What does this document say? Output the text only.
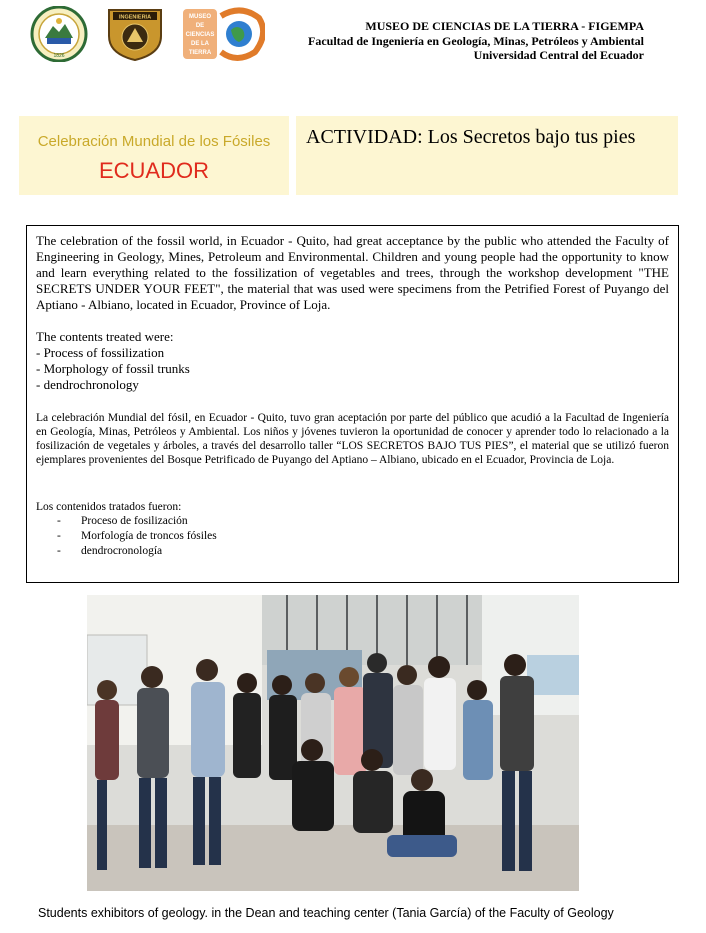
1826
INGENIERIA	MUSEO
DE
CIENCIAS
DE LA
TIERRA
MUSEO DE CIENCIAS DE LA TIERRA - FIGEMPA
Facultad de Ingeniería en Geología, Minas, Petróleos y Ambiental
Universidad Central del Ecuador
Celebración Mundial de los Fósiles
ECUADOR
ACTIVIDAD: Los Secretos bajo tus pies
The celebration of the fossil world, in Ecuador - Quito, had great acceptance by the public who attended the Faculty of Engineering in Geology, Mines, Petroleum and Environmental. Children and young people had the opportunity to know and learn everything related to the fossilization of vegetables and trees, through the workshop development "THE SECRETS UNDER YOUR FEET", the material that was used were specimens from the Petrified Forest of Puyango del Aptiano - Albiano, located in Ecuador, Province of Loja.
The contents treated were:
- Process of fossilization
- Morphology of fossil trunks
- dendrochronology
La celebración Mundial del fósil, en Ecuador - Quito, tuvo gran aceptación por parte del público que acudió a la Facultad de Ingeniería en Geología, Minas, Petróleos y Ambiental. Los niños y jóvenes tuvieron la oportunidad de conocer y aprender todo lo relacionado a la fosilización de vegetales y árboles, a través del desarrollo taller “LOS SECRETOS BAJO TUS PIES”, el material que se utilizó fueron ejemplares provenientes del Bosque Petrificado de Puyango del Aptiano – Albiano, ubicado en el Ecuador, Provincia de Loja.
Los contenidos tratados fueron:
- Proceso de fosilización
- Morfología de troncos fósiles
- dendrocronología
Students exhibitors of geology. in the Dean and teaching center (Tania García) of the Faculty of Geology
